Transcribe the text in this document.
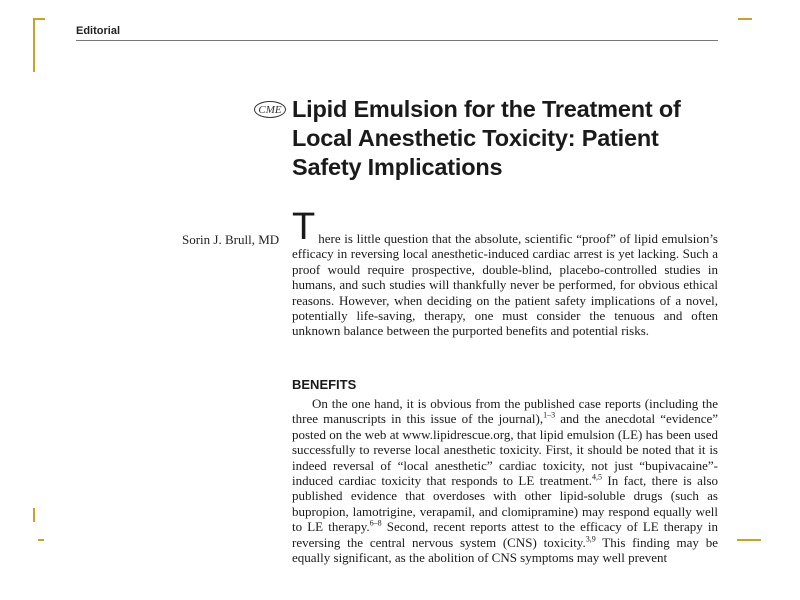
Editorial
CME Lipid Emulsion for the Treatment of Local Anesthetic Toxicity: Patient Safety Implications
Sorin J. Brull, MD T here is little question that the absolute, scientific “proof” of lipid emulsion’s efficacy in reversing local anesthetic-induced cardiac arrest is yet lacking. Such a proof would require prospective, double-blind, placebo-controlled studies in humans, and such studies will thankfully never be performed, for obvious ethical reasons. However, when deciding on the patient safety implications of a novel, potentially life-saving, therapy, one must consider the tenuous and often unknown balance between the purported benefits and potential risks.

BENEFITS
On the one hand, it is obvious from the published case reports (including the three manuscripts in this issue of the journal),$^{1-3}$ and the anecdotal “evidence” posted on the web at www.lipidrescue.org, that lipid emulsion (LE) has been used successfully to reverse local anesthetic toxicity. First, it should be noted that it is indeed reversal of “local anesthetic” cardiac toxicity, not just “bupivacaine”-induced cardiac toxicity that responds to LE treatment.$^{4,5}$ In fact, there is also published evidence that overdoses with other lipid-soluble drugs (such as bupropion, lamotrigine, verapamil, and clomipramine) may respond equally well to LE therapy.$^{6-8}$ Second, recent reports attest to the efficacy of LE therapy in reversing the central nervous system (CNS) toxicity.$^{3,9}$ This finding may be equally significant, as the abolition of CNS symptoms may well prevent
